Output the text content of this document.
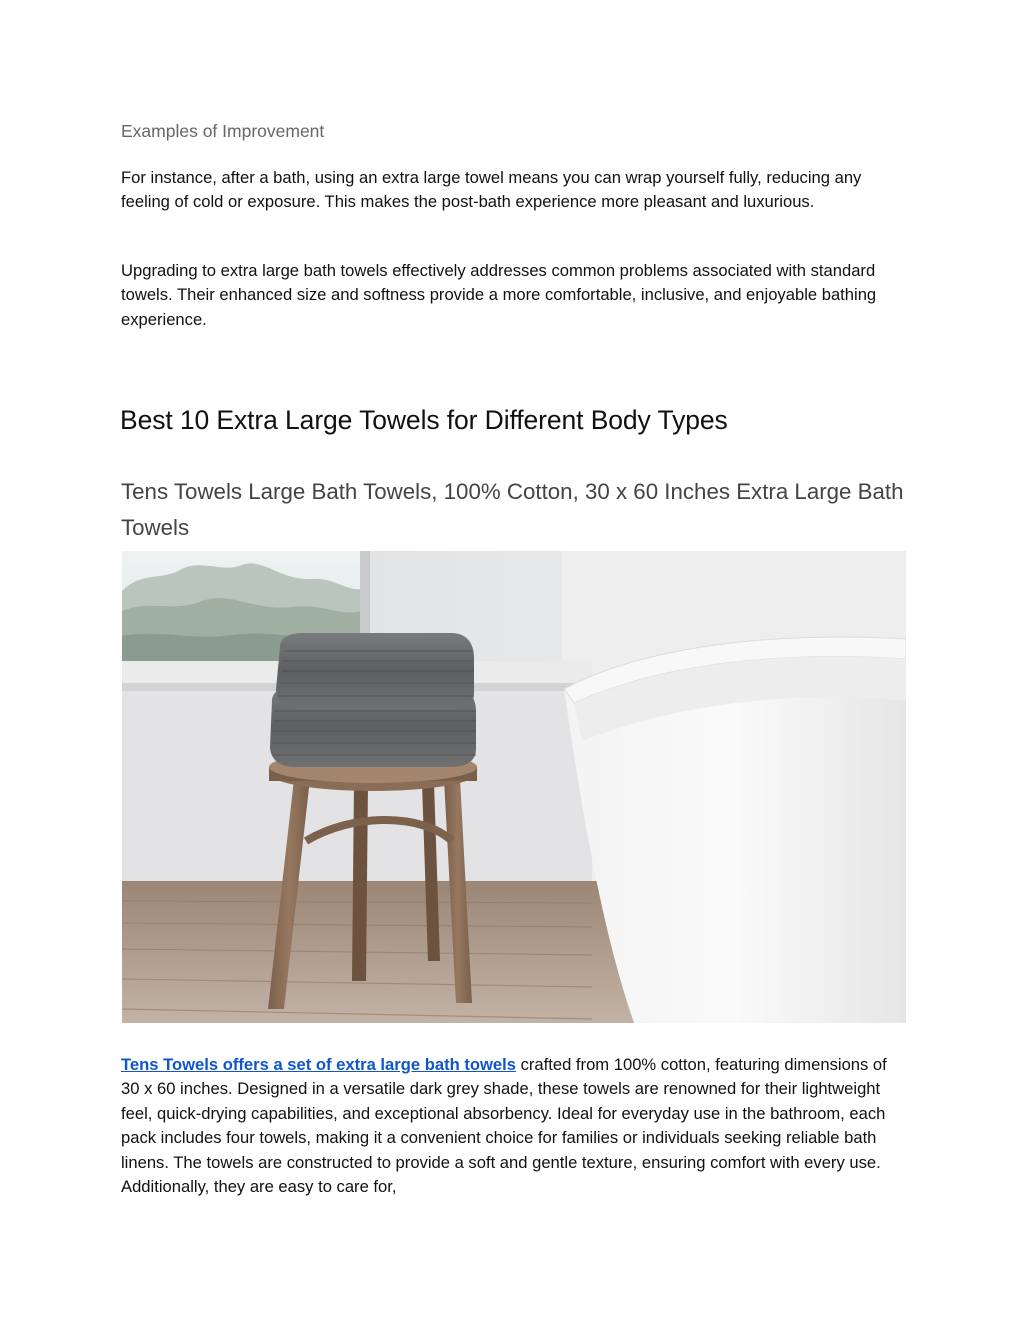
Examples of Improvement

For instance, after a bath, using an extra large towel means you can wrap yourself fully, reducing any feeling of cold or exposure. This makes the post-bath experience more pleasant and luxurious.

Upgrading to extra large bath towels effectively addresses common problems associated with standard towels. Their enhanced size and softness provide a more comfortable, inclusive, and enjoyable bathing experience.

Best 10 Extra Large Towels for Different Body Types
Tens Towels Large Bath Towels, 100% Cotton, 30 x 60 Inches Extra Large Bath Towels

Tens Towels offers a set of extra large bath towels crafted from 100% cotton, featuring dimensions of 30 x 60 inches. Designed in a versatile dark grey shade, these towels are renowned for their lightweight feel, quick-drying capabilities, and exceptional absorbency. Ideal for everyday use in the bathroom, each pack includes four towels, making it a convenient choice for families or individuals seeking reliable bath linens. The towels are constructed to provide a soft and gentle texture, ensuring comfort with every use. Additionally, they are easy to care for,
